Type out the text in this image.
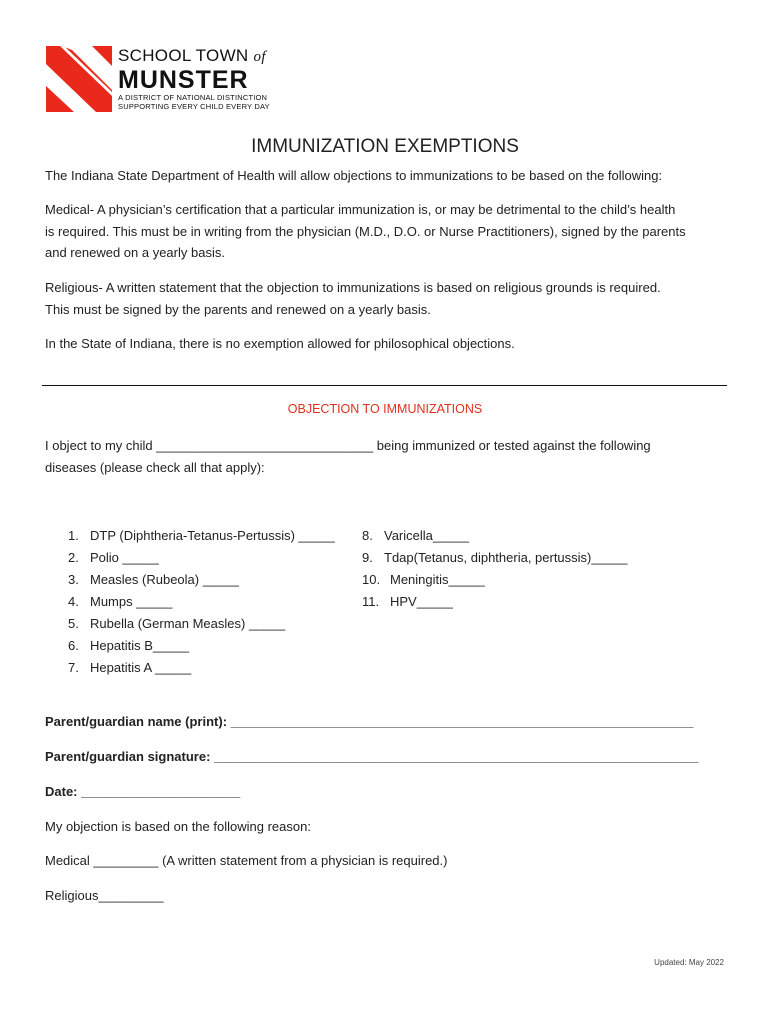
SCHOOL TOWN of
MUNSTER
A DISTRICT OF NATIONAL DISTINCTION
SUPPORTING EVERY CHILD EVERY DAY
IMMUNIZATION EXEMPTIONS
The Indiana State Department of Health will allow objections to immunizations to be based on the following:
Medical- A physician’s certification that a particular immunization is, or may be detrimental to the child’s health
is required. This must be in writing from the physician (M.D., D.O. or Nurse Practitioners), signed by the parents
and renewed on a yearly basis.
Religious- A written statement that the objection to immunizations is based on religious grounds is required.
This must be signed by the parents and renewed on a yearly basis.
In the State of Indiana, there is no exemption allowed for philosophical objections.
OBJECTION TO IMMUNIZATIONS
I object to my child ______________________________ being immunized or tested against the following
diseases (please check all that apply):
1. DTP (Diphtheria-Tetanus-Pertussis) _____
2. Polio _____
3. Measles (Rubeola) _____
4. Mumps _____
5. Rubella (German Measles) _____
6. Hepatitis B_____
7. Hepatitis A _____
8. Varicella_____
9. Tdap(Tetanus, diphtheria, pertussis)_____
10. Meningitis_____
11. HPV_____
Parent/guardian name (print): ________________________________________________________________
Parent/guardian signature: ___________________________________________________________________
Date: ______________________
My objection is based on the following reason:
Medical _________ (A written statement from a physician is required.)
Religious_________
Updated: May 2022
